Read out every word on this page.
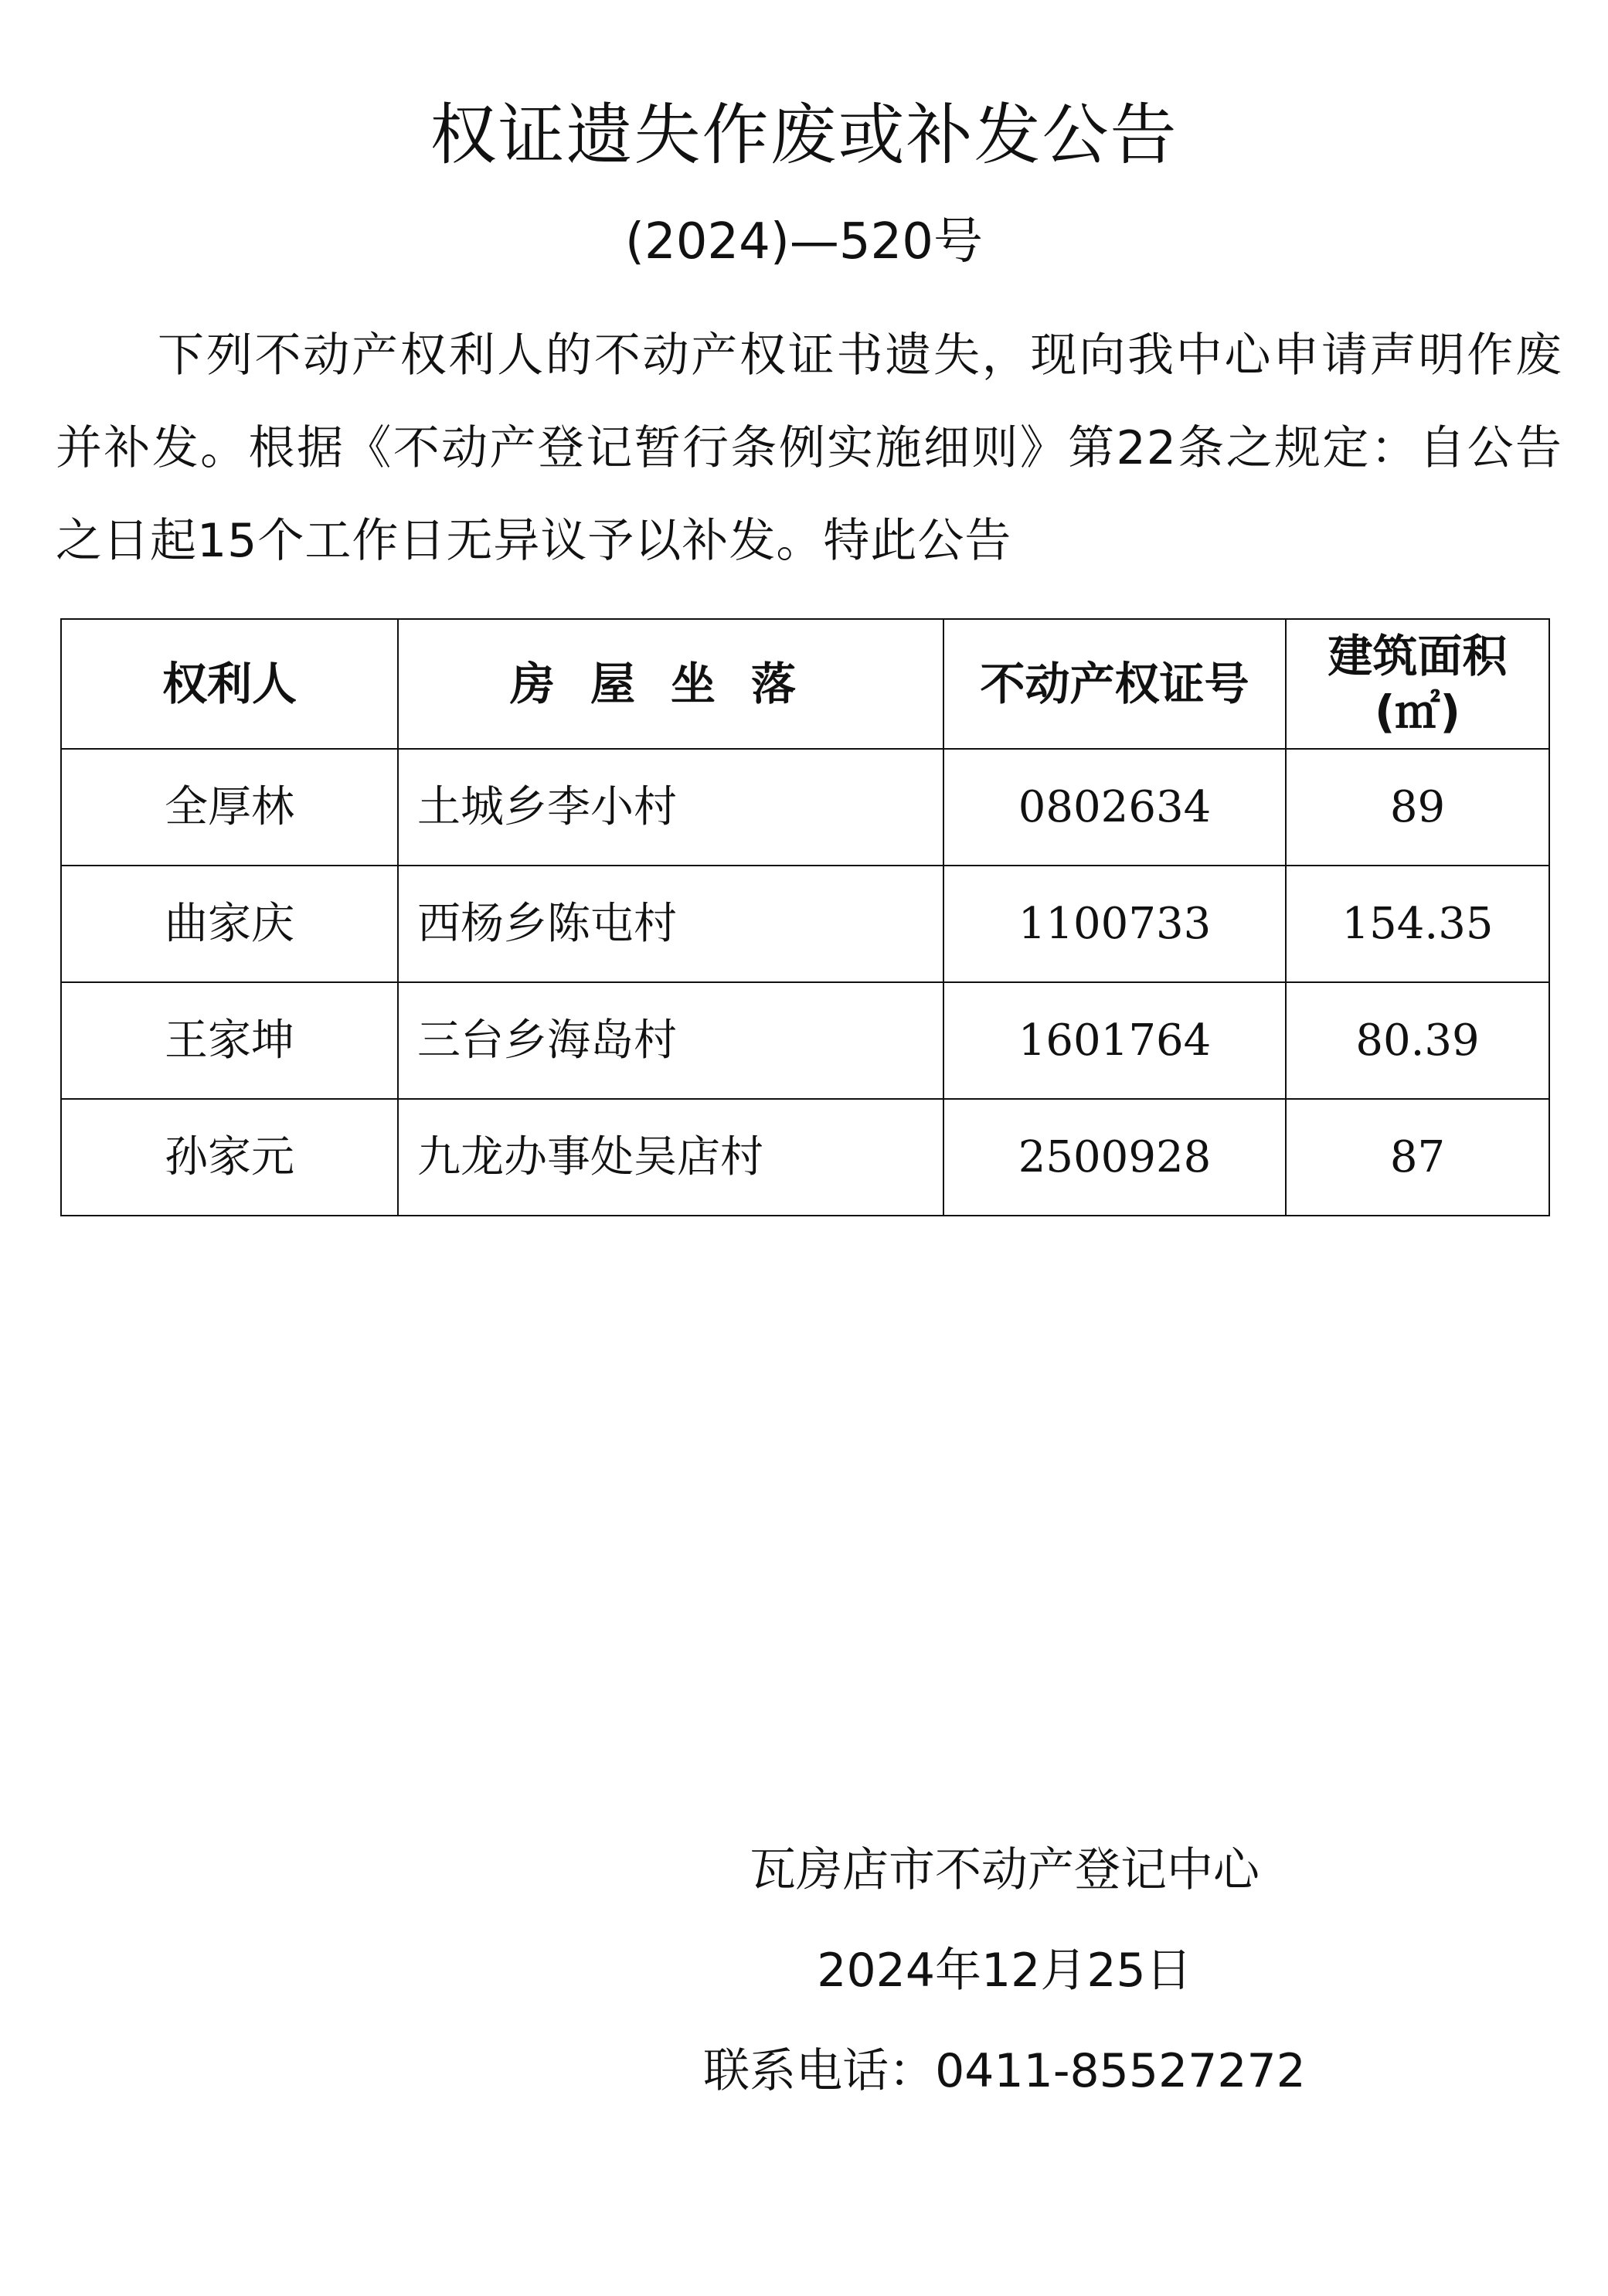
权证遗失作废或补发公告
(2024)—520号
下列不动产权利人的不动产权证书遗失，现向我中心申请声明作废并补发。根据《不动产登记暂行条例实施细则》第22条之规定：自公告之日起15个工作日无异议予以补发。特此公告
权利人	房屋坐落	不动产权证号	建筑面积
(㎡)

全厚林	土城乡李小村	0802634	89
曲家庆	西杨乡陈屯村	1100733	154.35
王家坤	三台乡海岛村	1601764	80.39
孙家元	九龙办事处吴店村	2500928	87
瓦房店市不动产登记中心
2024年12月25日
联系电话：0411-85527272
